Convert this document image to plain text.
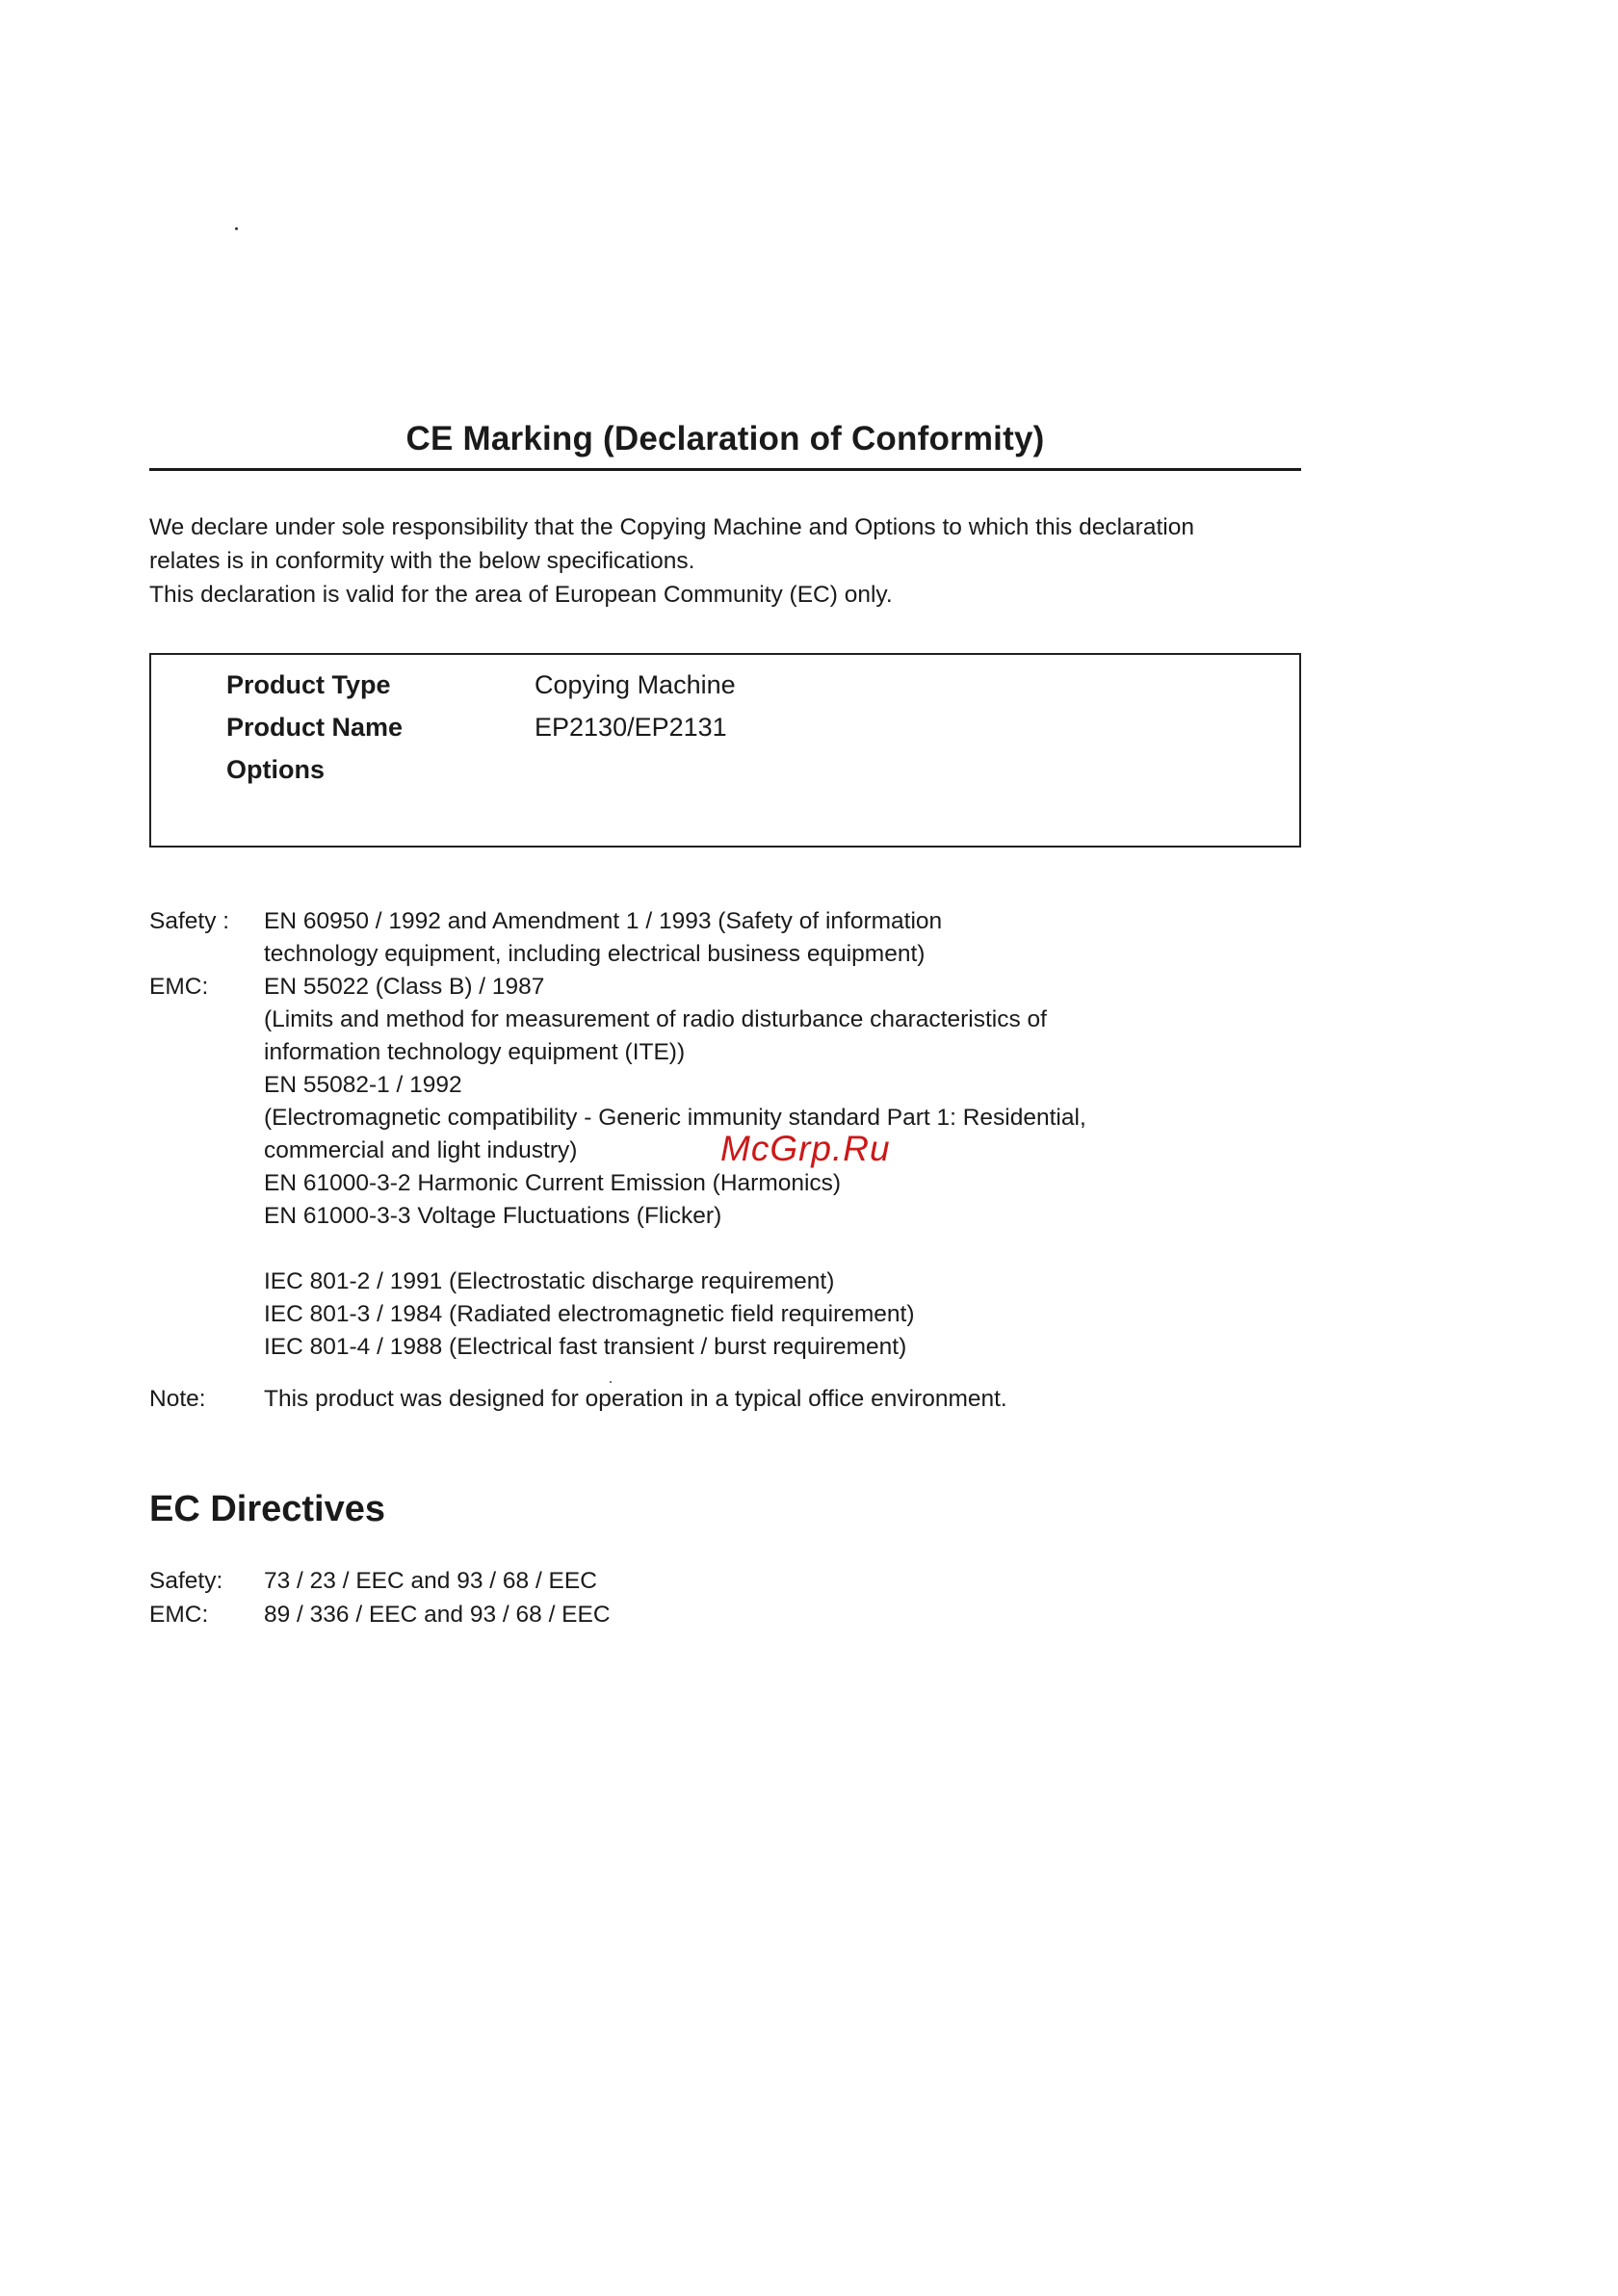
CE Marking (Declaration of Conformity)

We declare under sole responsibility that the Copying Machine and Options to which this declaration

relates is in conformity with the below specifications.

This declaration is valid for the area of European Community (EC) only.

Product Type	Copying Machine
Product Name	EP2130/EP2131
Options
Safety :	EN 60950 / 1992 and Amendment 1 / 1993 (Safety of information
technology equipment, including electrical business equipment)
EMC:	EN 55022 (Class B) / 1987
(Limits and method for measurement of radio disturbance characteristics of
information technology equipment (ITE))
EN 55082-1 / 1992
(Electromagnetic compatibility - Generic immunity standard Part 1: Residential,
commercial and light industry)
EN 61000-3-2 Harmonic Current Emission (Harmonics)
EN 61000-3-3 Voltage Fluctuations (Flicker)
IEC 801-2 / 1991 (Electrostatic discharge requirement)
IEC 801-3 / 1984 (Radiated electromagnetic field requirement)
IEC 801-4 / 1988 (Electrical fast transient / burst requirement)
Note:	This product was designed for operation in a typical office environment.
McGrp.Ru
EC Directives
Safety: 73 / 23 / EEC and 93 / 68 / EEC
EMC: 89 / 336 / EEC and 93 / 68 / EEC
